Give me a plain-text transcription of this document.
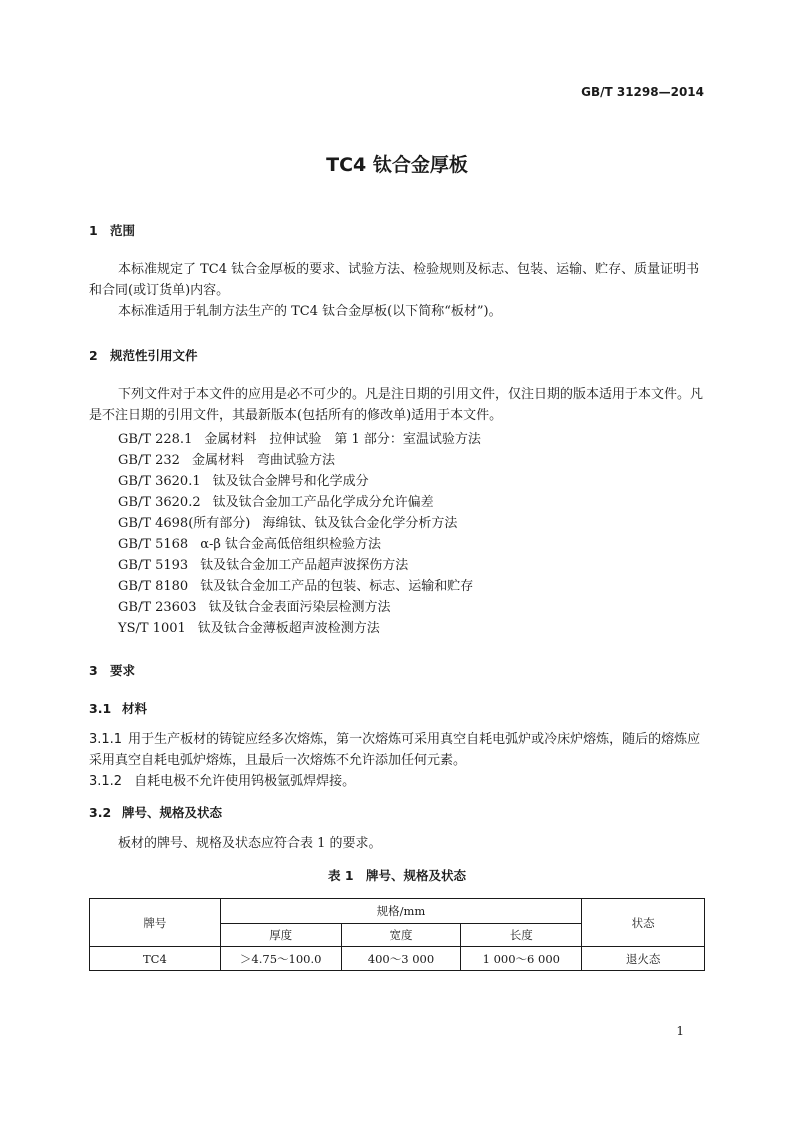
GB/T 31298—2014
TC4 钛合金厚板
1 范围
本标准规定了 TC4 钛合金厚板的要求、试验方法、检验规则及标志、包装、运输、贮存、质量证明书和合同(或订货单)内容。
本标准适用于轧制方法生产的 TC4 钛合金厚板(以下简称“板材”)。
2 规范性引用文件
下列文件对于本文件的应用是必不可少的。凡是注日期的引用文件，仅注日期的版本适用于本文件。凡是不注日期的引用文件，其最新版本(包括所有的修改单)适用于本文件。
GB/T 228.1 金属材料　拉伸试验　第 1 部分：室温试验方法
GB/T 232 金属材料　弯曲试验方法
GB/T 3620.1 钛及钛合金牌号和化学成分
GB/T 3620.2 钛及钛合金加工产品化学成分允许偏差
GB/T 4698(所有部分) 海绵钛、钛及钛合金化学分析方法
GB/T 5168 α-β 钛合金高低倍组织检验方法
GB/T 5193 钛及钛合金加工产品超声波探伤方法
GB/T 8180 钛及钛合金加工产品的包装、标志、运输和贮存
GB/T 23603 钛及钛合金表面污染层检测方法
YS/T 1001 钛及钛合金薄板超声波检测方法
3 要求
3.1 材料
3.1.1 用于生产板材的铸锭应经多次熔炼，第一次熔炼可采用真空自耗电弧炉或冷床炉熔炼，随后的熔炼应采用真空自耗电弧炉熔炼，且最后一次熔炼不允许添加任何元素。
3.1.2 自耗电极不允许使用钨极氩弧焊焊接。
3.2 牌号、规格及状态
板材的牌号、规格及状态应符合表 1 的要求。
表 1　牌号、规格及状态
牌号	规格/mm			状态
	厚度	宽度	长度	
TC4	＞4.75～100.0	400～3 000	1 000～6 000	退火态
1
